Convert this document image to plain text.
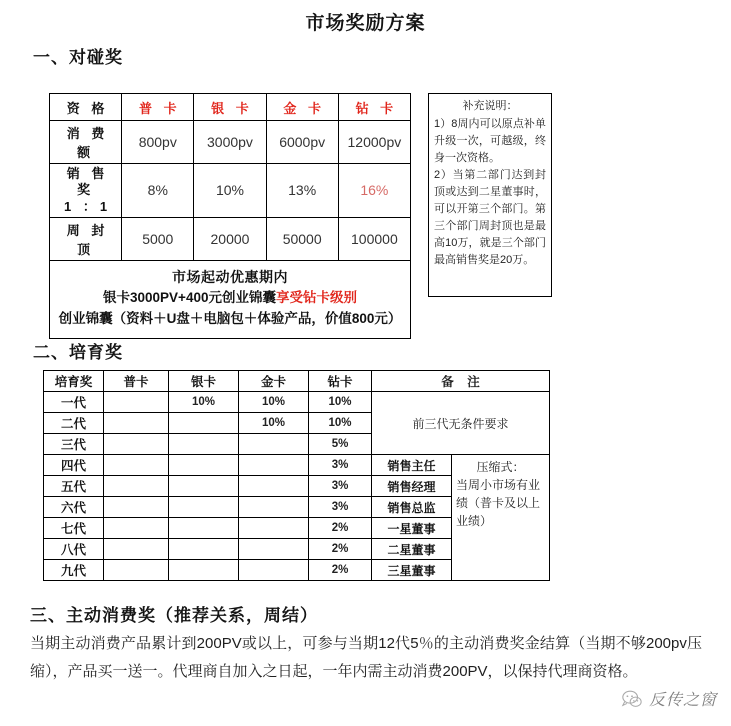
市场奖励方案
一、对碰奖
资 格	普 卡	银 卡	金 卡	钻 卡
消 费 额	800pv	3000pv	6000pv	12000pv
销 售 奖
1 ：1	8%	10%	13%	16%
周 封 顶	5000	20000	50000	100000

市场起动优惠期内
银卡3000PV+400元创业锦囊享受钻卡级别
创业锦囊（资料＋U盘＋电脑包＋体验产品，价值800元）				
补充说明：

1）8周内可以原点补单升级一次，可越级，终身一次资格。

2）当第二部门达到封顶或达到二星董事时，可以开第三个部门。第三个部门周封顶也是最高10万，就是三个部门最高销售奖是20万。

二、培育奖
培育奖	普卡	银卡	金卡	钻卡	备 注	
一代		10%	10%	10%	前三代无条件要求	
二代			10%	10%		
三代				5%		
四代				3%	销售主任	压缩式：
当周小市场有业绩（普卡及以上业绩）
五代				3%	销售经理	
六代				3%	销售总监	
七代				2%	一星董事	
八代				2%	二星董事	
九代				2%	三星董事	
三、主动消费奖（推荐关系，周结）
当期主动消费产品累计到200PV或以上，可参与当期12代5％的主动消费奖金结算（当期不够200pv压缩），产品买一送一。代理商自加入之日起，一年内需主动消费200PV，以保持代理商资格。
反传之窗
